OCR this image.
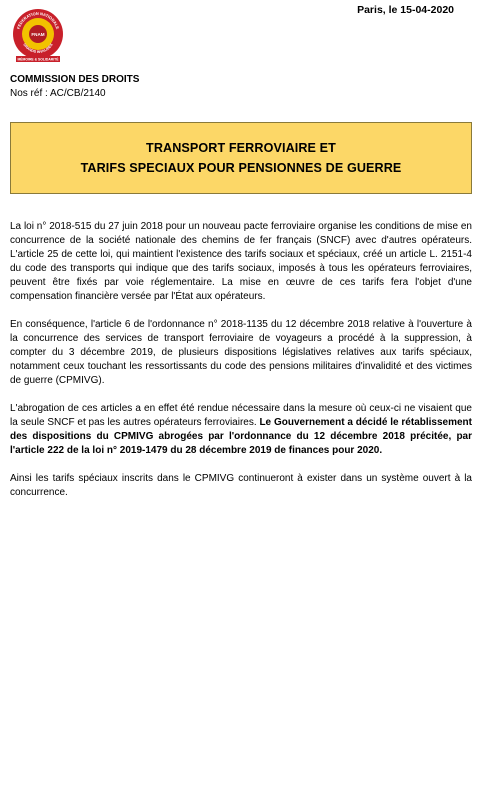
FEDERATION NATIONALE
GRANDS INVALIDES
FNAM
MÉMOIRE & SOLIDARITÉ
Paris, le 15-04-2020
COMMISSION DES DROITS
Nos réf : AC/CB/2140
TRANSPORT FERROVIAIRE ET
TARIFS SPECIAUX POUR PENSIONNES DE GUERRE

La loi n° 2018-515 du 27 juin 2018 pour un nouveau pacte ferroviaire organise les conditions de mise en concurrence de la société nationale des chemins de fer français (SNCF) avec d'autres opérateurs. L'article 25 de cette loi, qui maintient l'existence des tarifs sociaux et spéciaux, créé un article L. 2151-4 du code des transports qui indique que des tarifs sociaux, imposés à tous les opérateurs ferroviaires, peuvent être fixés par voie réglementaire. La mise en œuvre de ces tarifs fera l'objet d'une compensation financière versée par l'État aux opérateurs.

En conséquence, l'article 6 de l'ordonnance n° 2018-1135 du 12 décembre 2018 relative à l'ouverture à la concurrence des services de transport ferroviaire de voyageurs a procédé à la suppression, à compter du 3 décembre 2019, de plusieurs dispositions législatives relatives aux tarifs spéciaux, notamment ceux touchant les ressortissants du code des pensions militaires d'invalidité et des victimes de guerre (CPMIVG).

L'abrogation de ces articles a en effet été rendue nécessaire dans la mesure où ceux-ci ne visaient que la seule SNCF et pas les autres opérateurs ferroviaires. Le Gouvernement a décidé le rétablissement des dispositions du CPMIVG abrogées par l'ordonnance du 12 décembre 2018 précitée, par l'article 222 de la loi n° 2019-1479 du 28 décembre 2019 de finances pour 2020.

Ainsi les tarifs spéciaux inscrits dans le CPMIVG continueront à exister dans un système ouvert à la concurrence.
